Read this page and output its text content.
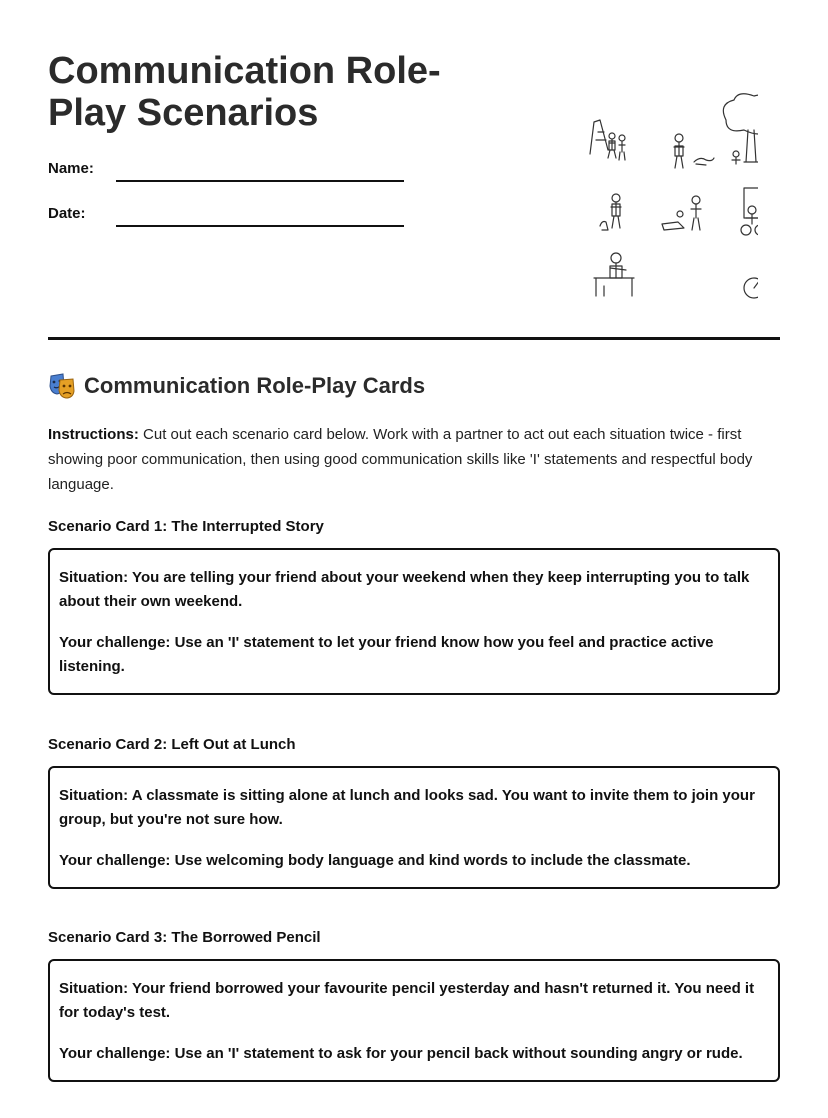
Communication Role-Play Scenarios
Name:
Date:
Communication Role-Play Cards

Instructions: Cut out each scenario card below. Work with a partner to act out each situation twice - first showing poor communication, then using good communication skills like 'I' statements and respectful body language.

Scenario Card 1: The Interrupted Story

Situation: You are telling your friend about your weekend when they keep interrupting you to talk about their own weekend.

Your challenge: Use an 'I' statement to let your friend know how you feel and practice active listening.

Scenario Card 2: Left Out at Lunch

Situation: A classmate is sitting alone at lunch and looks sad. You want to invite them to join your group, but you're not sure how.

Your challenge: Use welcoming body language and kind words to include the classmate.

Scenario Card 3: The Borrowed Pencil

Situation: Your friend borrowed your favourite pencil yesterday and hasn't returned it. You need it for today's test.

Your challenge: Use an 'I' statement to ask for your pencil back without sounding angry or rude.
